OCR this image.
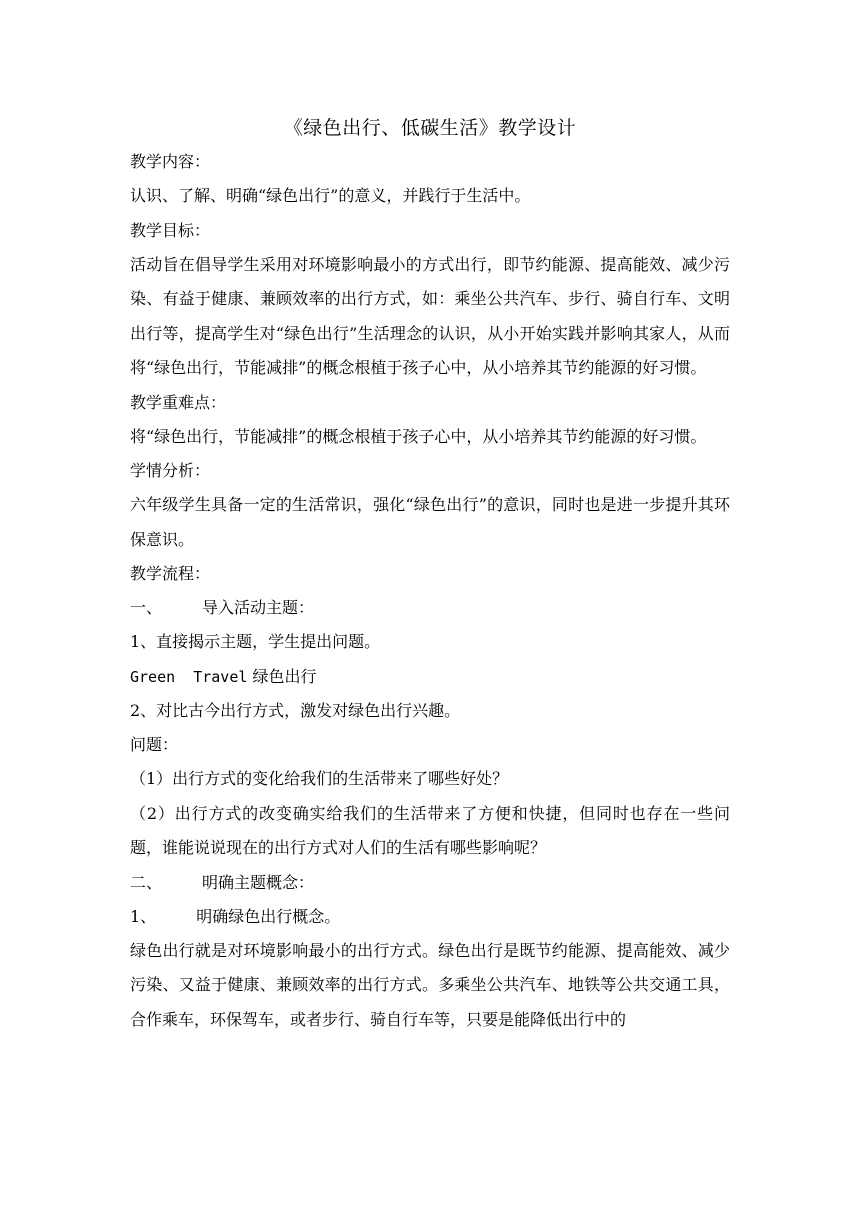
《绿色出行、低碳生活》教学设计
教学内容：
认识、了解、明确“绿色出行”的意义，并践行于生活中。
教学目标：
活动旨在倡导学生采用对环境影响最小的方式出行，即节约能源、提高能效、减少污染、有益于健康、兼顾效率的出行方式，如：乘坐公共汽车、步行、骑自行车、文明出行等，提高学生对“绿色出行”生活理念的认识，从小开始实践并影响其家人，从而将“绿色出行，节能减排”的概念根植于孩子心中，从小培养其节约能源的好习惯。
教学重难点：
将“绿色出行，节能减排”的概念根植于孩子心中，从小培养其节约能源的好习惯。
学情分析：
六年级学生具备一定的生活常识，强化“绿色出行”的意识，同时也是进一步提升其环保意识。
教学流程：
一、	导入活动主题：
1、直接揭示主题，学生提出问题。
Green  Travel 绿色出行
2、对比古今出行方式，激发对绿色出行兴趣。
问题：
（1）出行方式的变化给我们的生活带来了哪些好处？
（2）出行方式的改变确实给我们的生活带来了方便和快捷，但同时也存在一些问题，谁能说说现在的出行方式对人们的生活有哪些影响呢？
二、	明确主题概念：
1、	明确绿色出行概念。
绿色出行就是对环境影响最小的出行方式。绿色出行是既节约能源、提高能效、减少污染、又益于健康、兼顾效率的出行方式。多乘坐公共汽车、地铁等公共交通工具，合作乘车，环保驾车，或者步行、骑自行车等，只要是能降低出行中的
